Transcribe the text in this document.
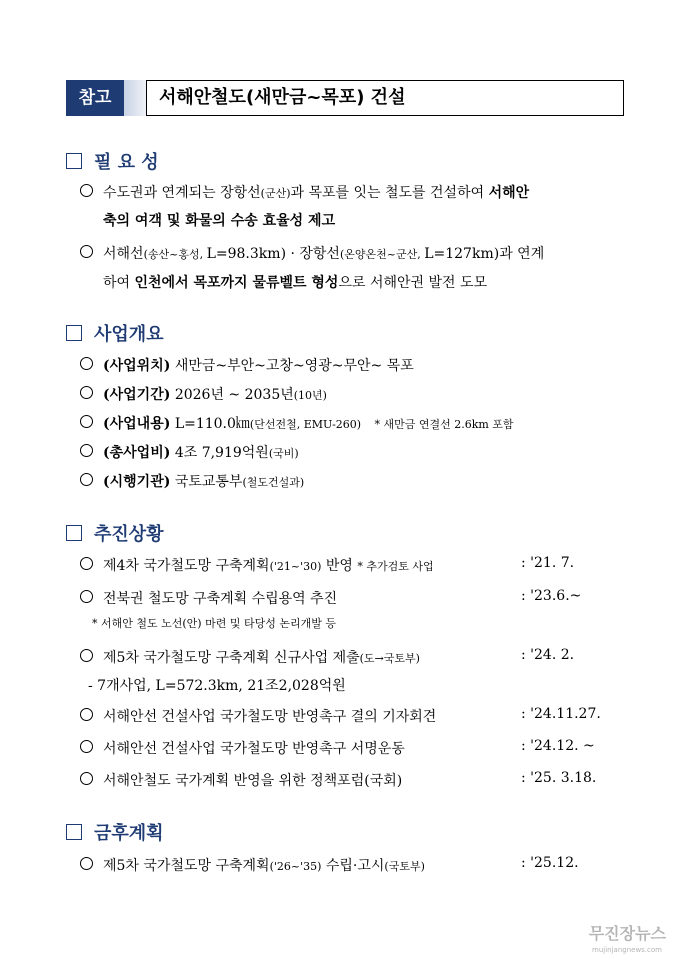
참고	서해안철도(새만금~목포) 건설
필 요 성
수도권과 연계되는 장항선(군산)과 목포를 잇는 철도를 건설하여 서해안
축의 여객 및 화물의 수송 효율성 제고
서해선(송산~홍성, L=98.3km) · 장항선(온양온천~군산, L=127km)과 연계
하여 인천에서 목포까지 물류벨트 형성으로 서해안권 발전 도모
사업개요
(사업위치) 새만금~부안~고창~영광~무안~ 목포
(사업기간) 2026년 ~ 2035년(10년)
(사업내용) L=110.0㎞(단선전철, EMU-260) * 새만금 연결선 2.6km 포함
(총사업비) 4조 7,919억원(국비)
(시행기관) 국토교통부(철도건설과)
추진상황
제4차 국가철도망 구축계획('21~'30) 반영 * 추가검토 사업	: '21. 7.
전북권 철도망 구축계획 수립용역 추진	: '23.6.~
* 서해안 철도 노선(안) 마련 및 타당성 논리개발 등
제5차 국가철도망 구축계획 신규사업 제출(도→국토부)	: '24. 2.
- 7개사업, L=572.3km, 21조2,028억원
서해안선 건설사업 국가철도망 반영촉구 결의 기자회견	: '24.11.27.
서해안선 건설사업 국가철도망 반영촉구 서명운동	: '24.12. ~
서해안철도 국가계획 반영을 위한 정책포럼(국회)	: '25. 3.18.
금후계획
제5차 국가철도망 구축계획('26~'35) 수립·고시(국토부)	: '25.12.
무진장뉴스
mujinjangnews.com
